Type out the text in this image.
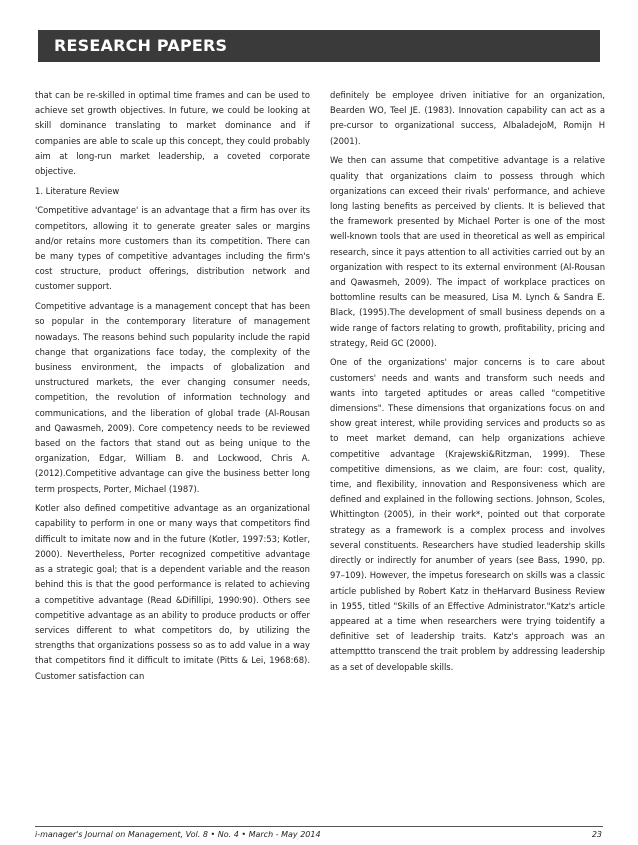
RESEARCH PAPERS

that can be re-skilled in optimal time frames and can be used to achieve set growth objectives. In future, we could be looking at skill dominance translating to market dominance and if companies are able to scale up this concept, they could probably aim at long-run market leadership, a coveted corporate objective.

1. Literature Review

'Competitive advantage' is an advantage that a firm has over its competitors, allowing it to generate greater sales or margins and/or retains more customers than its competition. There can be many types of competitive advantages including the firm's cost structure, product offerings, distribution network and customer support.

Competitive advantage is a management concept that has been so popular in the contemporary literature of management nowadays. The reasons behind such popularity include the rapid change that organizations face today, the complexity of the business environment, the impacts of globalization and unstructured markets, the ever changing consumer needs, competition, the revolution of information technology and communications, and the liberation of global trade (Al-Rousan and Qawasmeh, 2009). Core competency needs to be reviewed based on the factors that stand out as being unique to the organization, Edgar, William B. and Lockwood, Chris A. (2012).Competitive advantage can give the business better long term prospects, Porter, Michael (1987).

Kotler also defined competitive advantage as an organizational capability to perform in one or many ways that competitors find difficult to imitate now and in the future (Kotler, 1997:53; Kotler, 2000). Nevertheless, Porter recognized competitive advantage as a strategic goal; that is a dependent variable and the reason behind this is that the good performance is related to achieving a competitive advantage (Read &Difillipi, 1990:90). Others see competitive advantage as an ability to produce products or offer services different to what competitors do, by utilizing the strengths that organizations possess so as to add value in a way that competitors find it difficult to imitate (Pitts & Lei, 1968:68). Customer satisfaction can

definitely be employee driven initiative for an organization, Bearden WO, Teel JE. (1983). Innovation capability can act as a pre-cursor to organizational success, AlbaladejoM, Romijn H (2001).

We then can assume that competitive advantage is a relative quality that organizations claim to possess through which organizations can exceed their rivals' performance, and achieve long lasting benefits as perceived by clients. It is believed that the framework presented by Michael Porter is one of the most well-known tools that are used in theoretical as well as empirical research, since it pays attention to all activities carried out by an organization with respect to its external environment (Al-Rousan and Qawasmeh, 2009). The impact of workplace practices on bottomline results can be measured, Lisa M. Lynch & Sandra E. Black, (1995).The development of small business depends on a wide range of factors relating to growth, profitability, pricing and strategy, Reid GC (2000).

One of the organizations' major concerns is to care about customers' needs and wants and transform such needs and wants into targeted aptitudes or areas called "competitive dimensions". These dimensions that organizations focus on and show great interest, while providing services and products so as to meet market demand, can help organizations achieve competitive advantage (Krajewski&Ritzman, 1999). These competitive dimensions, as we claim, are four: cost, quality, time, and flexibility, innovation and Responsiveness which are defined and explained in the following sections. Johnson, Scoles, Whittington (2005), in their work*, pointed out that corporate strategy as a framework is a complex process and involves several constituents. Researchers have studied leadership skills directly or indirectly for anumber of years (see Bass, 1990, pp. 97–109). However, the impetus foresearch on skills was a classic article published by Robert Katz in theHarvard Business Review in 1955, titled "Skills of an Effective Administrator."Katz's article appeared at a time when researchers were trying toidentify a definitive set of leadership traits. Katz's approach was an attempttto transcend the trait problem by addressing leadership as a set of developable skills.

i-manager's Journal on Management, Vol. 8 • No. 4 • March - May 2014	23
